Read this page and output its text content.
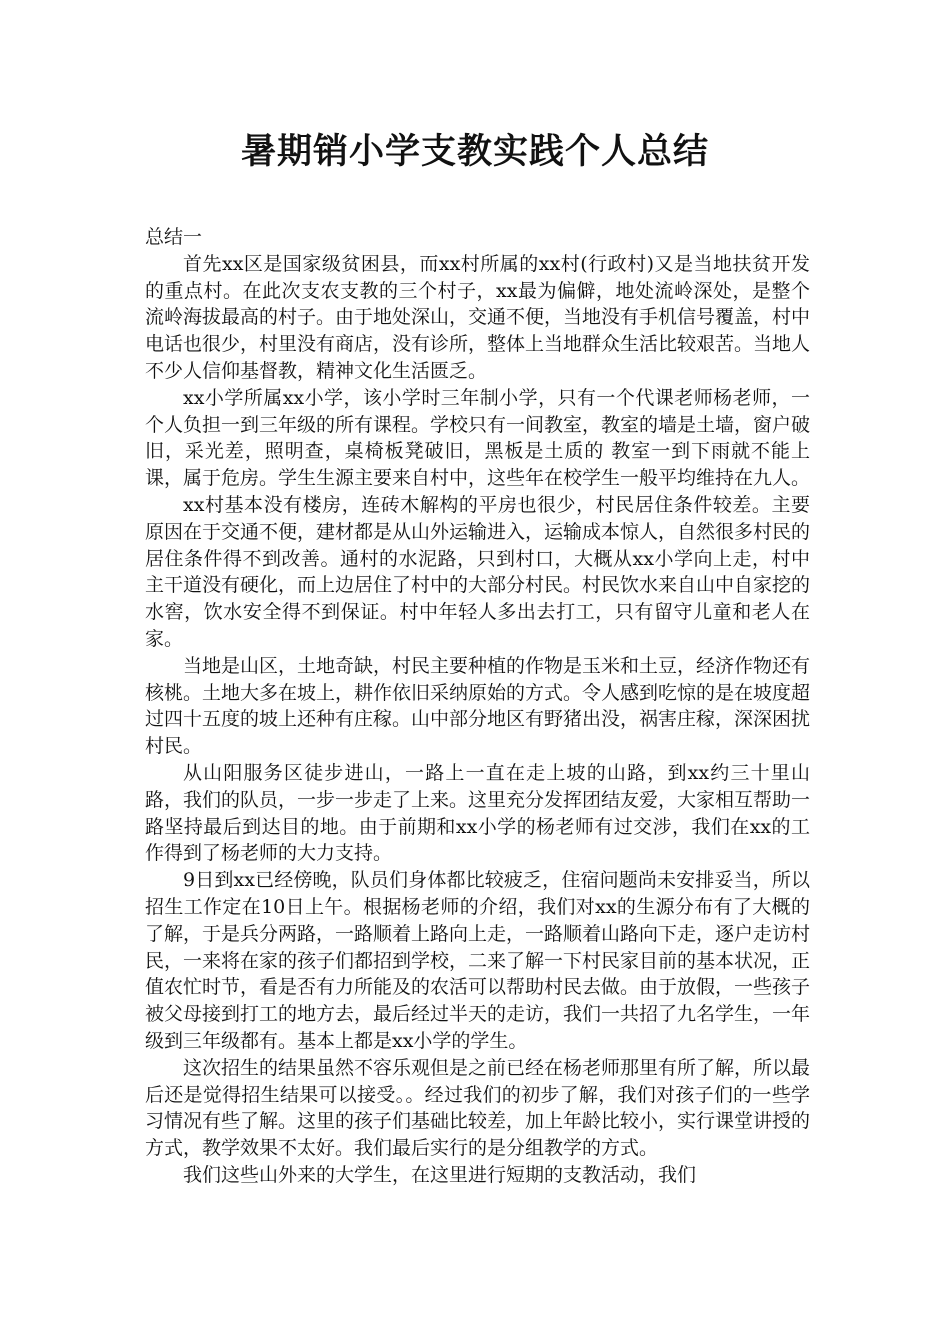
暑期销小学支教实践个人总结

总结一

首先xx区是国家级贫困县，而xx村所属的xx村(行政村)又是当地扶贫开发的重点村。在此次支农支教的三个村子，xx最为偏僻，地处流岭深处，是整个流岭海拔最高的村子。由于地处深山，交通不便，当地没有手机信号覆盖，村中电话也很少，村里没有商店，没有诊所，整体上当地群众生活比较艰苦。当地人不少人信仰基督教，精神文化生活匮乏。

xx小学所属xx小学，该小学时三年制小学，只有一个代课老师杨老师，一个人负担一到三年级的所有课程。学校只有一间教室，教室的墙是土墙，窗户破旧，采光差，照明查，桌椅板凳破旧，黑板是土质的 教室一到下雨就不能上课，属于危房。学生生源主要来自村中，这些年在校学生一般平均维持在九人。

xx村基本没有楼房，连砖木解构的平房也很少，村民居住条件较差。主要原因在于交通不便，建材都是从山外运输进入，运输成本惊人，自然很多村民的居住条件得不到改善。通村的水泥路，只到村口，大概从xx小学向上走，村中主干道没有硬化，而上边居住了村中的大部分村民。村民饮水来自山中自家挖的水窖，饮水安全得不到保证。村中年轻人多出去打工，只有留守儿童和老人在家。

当地是山区，土地奇缺，村民主要种植的作物是玉米和土豆，经济作物还有核桃。土地大多在坡上，耕作依旧采纳原始的方式。令人感到吃惊的是在坡度超过四十五度的坡上还种有庄稼。山中部分地区有野猪出没，祸害庄稼，深深困扰村民。

从山阳服务区徒步进山，一路上一直在走上坡的山路，到xx约三十里山路，我们的队员，一步一步走了上来。这里充分发挥团结友爱，大家相互帮助一路坚持最后到达目的地。由于前期和xx小学的杨老师有过交涉，我们在xx的工作得到了杨老师的大力支持。

9日到xx已经傍晚，队员们身体都比较疲乏，住宿问题尚未安排妥当，所以招生工作定在10日上午。根据杨老师的介绍，我们对xx的生源分布有了大概的了解，于是兵分两路，一路顺着上路向上走，一路顺着山路向下走，逐户走访村民，一来将在家的孩子们都招到学校，二来了解一下村民家目前的基本状况，正值农忙时节，看是否有力所能及的农活可以帮助村民去做。由于放假，一些孩子被父母接到打工的地方去，最后经过半天的走访，我们一共招了九名学生，一年级到三年级都有。基本上都是xx小学的学生。

这次招生的结果虽然不容乐观但是之前已经在杨老师那里有所了解，所以最后还是觉得招生结果可以接受。。经过我们的初步了解，我们对孩子们的一些学习情况有些了解。这里的孩子们基础比较差，加上年龄比较小，实行课堂讲授的方式，教学效果不太好。我们最后实行的是分组教学的方式。

我们这些山外来的大学生，在这里进行短期的支教活动，我们
